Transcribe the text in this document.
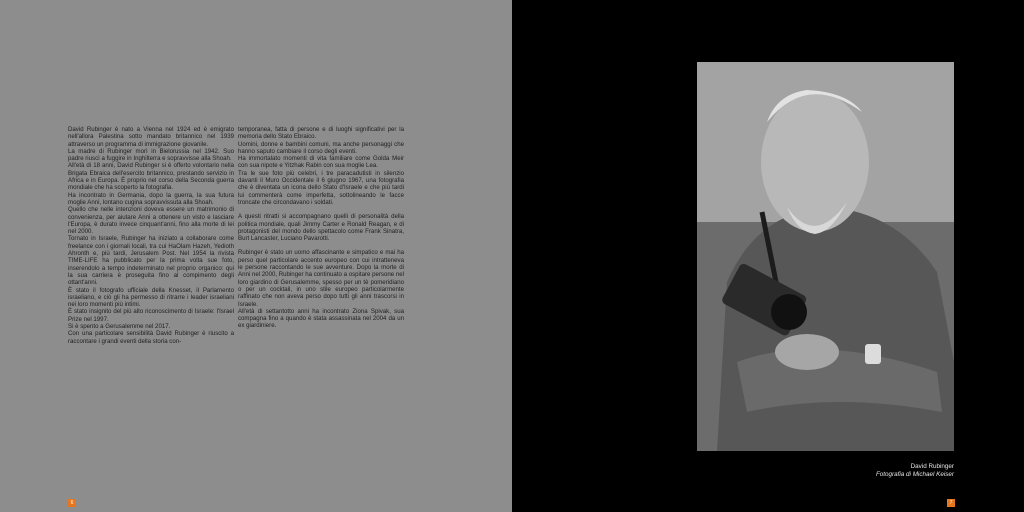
David Rubinger è nato a Vienna nel 1924 ed è emigrato nell'allora Palestina sotto mandato britannico nel 1939 attraverso un programma di immigrazione giovanile.

La madre di Rubinger morì in Bielorussia nel 1942. Suo padre riuscì a fuggire in Inghilterra e sopravvisse alla Shoah.

All'età di 18 anni, David Rubinger si è offerto volontario nella Brigata Ebraica dell'esercito britannico, prestando servizio in Africa e in Europa. È proprio nel corso della Seconda guerra mondiale che ha scoperto la fotografia.

Ha incontrato in Germania, dopo la guerra, la sua futura moglie Anni, lontano cugina sopravvissuta alla Shoah.

Quello che nelle intenzioni doveva essere un matrimonio di convenienza, per aiutare Anni a ottenere un visto e lasciare l'Europa, è durato invece cinquant'anni, fino alla morte di lei nel 2000.

Tornato in Israele, Rubinger ha iniziato a collaborare come freelance con i giornali locali, tra cui HaOlam Hazeh, Yedioth Ahronth e, più tardi, Jerusalem Post. Nel 1954 la rivista TIME-LIFE ha pubblicato per la prima volta sue foto, inserendolo a tempo indeterminato nel proprio organico: qui la sua carriera è proseguita fino al compimento degli ottant'anni.

È stato il fotografo ufficiale della Knesset, il Parlamento israeliano, e ciò gli ha permesso di ritrarre i leader israeliani nei loro momenti più intimi.

È stato insignito del più alto riconoscimento di Israele: l'Israel Prize nel 1997.

Si è spento a Gerusalemme nel 2017.

Con una particolare sensibilità David Rubinger è riuscito a raccontare i grandi eventi della storia con-

temporanea, fatta di persone e di luoghi significativi per la memoria dello Stato Ebraico.

Uomini, donne e bambini comuni, ma anche personaggi che hanno saputo cambiare il corso degli eventi.

Ha immortalato momenti di vita familiare come Golda Meir con sua nipote e Yitzhak Rabin con sua moglie Lea.

Tra le sue foto più celebri, i tre paracadutisti in silenzio davanti il Muro Occidentale il 6 giugno 1967, una fotografia che è diventata un icona dello Stato d'Israele e che più tardi lui commenterà come imperfetta, sottolineando le facce troncate che circondavano i soldati.

A questi ritratti si accompagnano quelli di personalità della politica mondiale, quali Jimmy Carter e Ronald Reagan, e di protagonisti del mondo dello spettacolo come Frank Sinatra, Burt Lancaster, Luciano Pavarotti.

Rubinger è stato un uomo affascinante e simpatico e mai ha perso quel particolare accento europeo con cui intratteneva le persone raccontando le sue avventure. Dopo la morte di Anni nel 2000, Rubinger ha continuato a ospitare persone nel loro giardino di Gerusalemme, spesso per un tè pomeridiano o per un cocktail, in uno stile europeo particolarmente raffinato che non aveva perso dopo tutti gli anni trascorsi in Israele.

All'età di settantotto anni ha incontrato Ziona Spivak, sua compagna fino a quando è stata assassinata nel 2004 da un ex giardiniere.

6
David Rubinger
Fotografia di Michael Keiser
7
